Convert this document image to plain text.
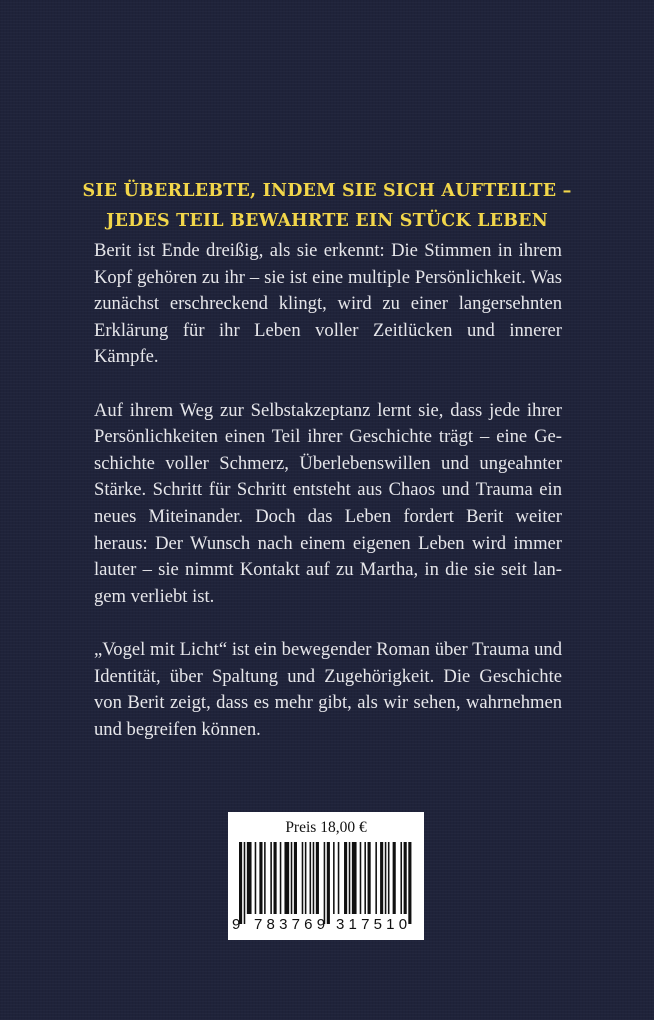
SIE ÜBERLEBTE, INDEM SIE SICH AUFTEILTE –
JEDES TEIL BEWAHRTE EIN STÜCK LEBEN

Berit ist Ende dreißig, als sie erkennt: Die Stimmen in ihrem Kopf gehören zu ihr – sie ist eine multiple Persönlichkeit. Was zunächst erschreckend klingt, wird zu einer langersehnten Erklärung für ihr Leben voller Zeitlücken und innerer Kämpfe.

Auf ihrem Weg zur Selbstakzeptanz lernt sie, dass jede ihrer Persönlichkeiten einen Teil ihrer Geschichte trägt – eine Geschichte voller Schmerz, Überlebenswillen und ungeahnter Stärke. Schritt für Schritt entsteht aus Chaos und Trauma ein neues Miteinander. Doch das Leben fordert Berit weiter heraus: Der Wunsch nach einem eigenen Leben wird immer lauter – sie nimmt Kontakt auf zu Martha, in die sie seit langem verliebt ist.

„Vogel mit Licht“ ist ein bewegender Roman über Trauma und Identität, über Spaltung und Zugehörigkeit. Die Geschichte von Berit zeigt, dass es mehr gibt, als wir sehen, wahrnehmen und begreifen können.

Preis 18,00 €
9 783769 317510
